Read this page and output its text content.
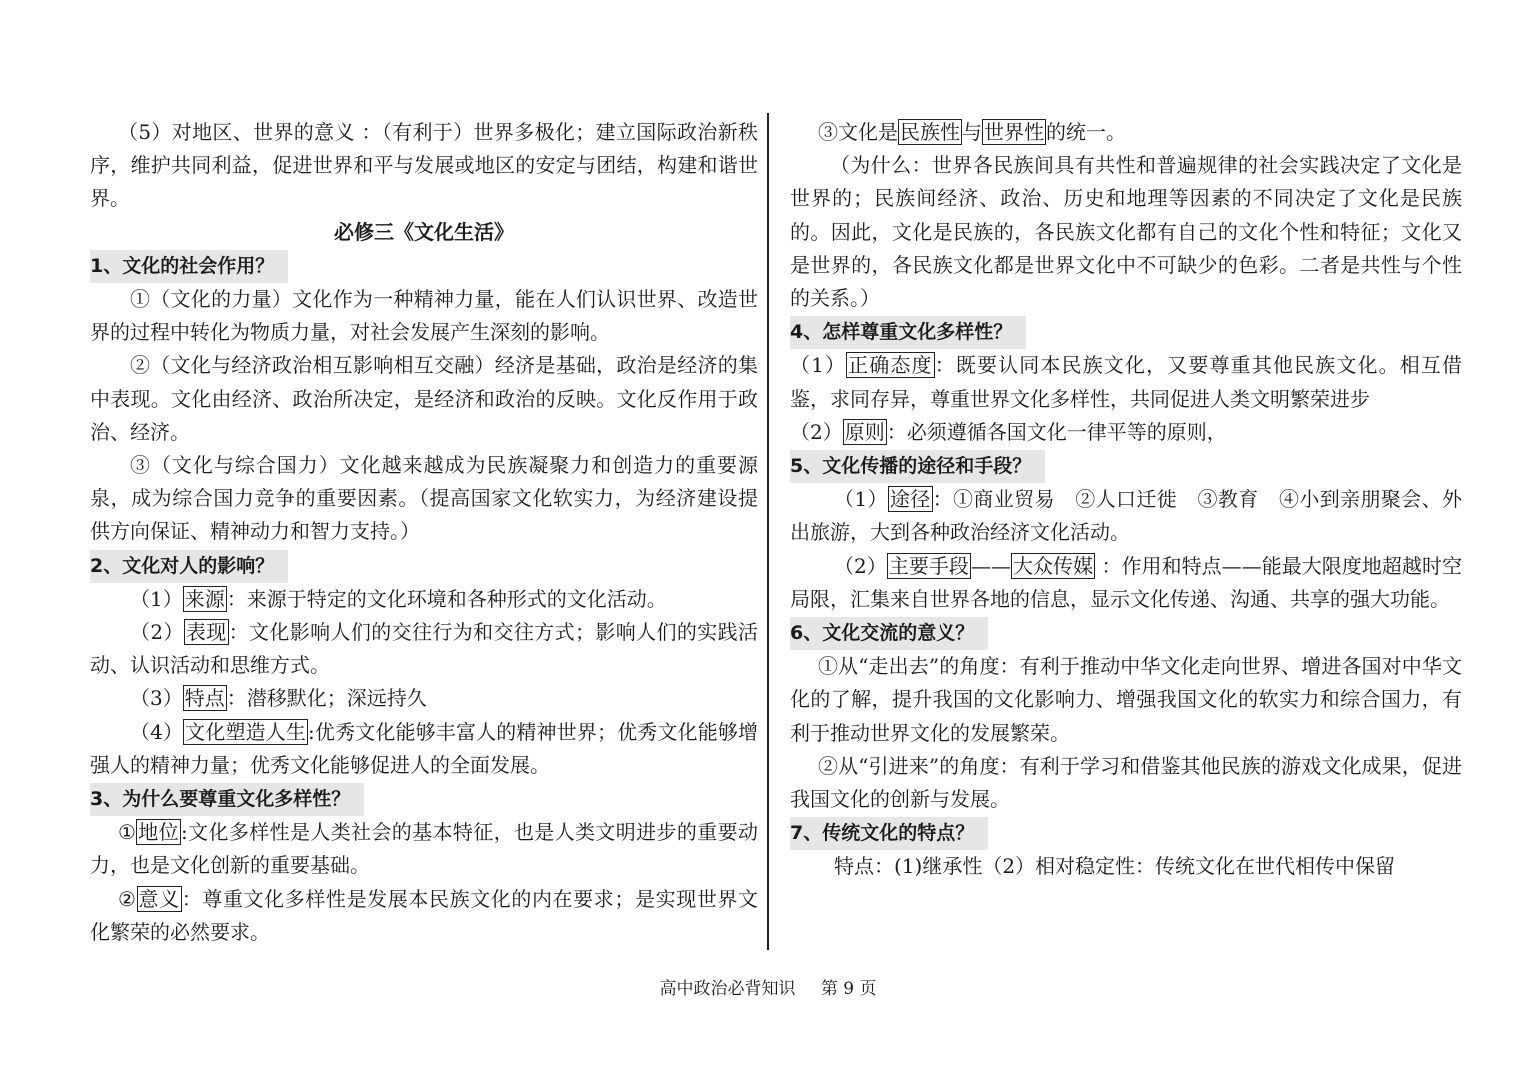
（5）对地区、世界的意义 ：（有利于）世界多极化；建立国际政治新秩序，维护共同利益，促进世界和平与发展或地区的安定与团结，构建和谐世界。

必修三《文化生活》
1、文化的社会作用？

①（文化的力量）文化作为一种精神力量，能在人们认识世界、改造世界的过程中转化为物质力量，对社会发展产生深刻的影响。

②（文化与经济政治相互影响相互交融）经济是基础，政治是经济的集中表现。文化由经济、政治所决定，是经济和政治的反映。文化反作用于政治、经济。

③（文化与综合国力）文化越来越成为民族凝聚力和创造力的重要源泉，成为综合国力竞争的重要因素。（提高国家文化软实力，为经济建设提供方向保证、精神动力和智力支持。）

2、文化对人的影响？

（1） 来源 ：来源于特定的文化环境和各种形式的文化活动。

（2） 表现 ：文化影响人们的交往行为和交往方式；影响人们的实践活动、认识活动和思维方式。

（3） 特点 ：潜移默化；深远持久

（4） 文化塑造人生 :优秀文化能够丰富人的精神世界；优秀文化能够增强人的精神力量；优秀文化能够促进人的全面发展。

3、为什么要尊重文化多样性？

① 地位 :文化多样性是人类社会的基本特征，也是人类文明进步的重要动力，也是文化创新的重要基础。

② 意义 ：尊重文化多样性是发展本民族文化的内在要求；是实现世界文化繁荣的必然要求。

③文化是 民族性 与 世界性 的统一。

（为什么：世界各民族间具有共性和普遍规律的社会实践决定了文化是世界的；民族间经济、政治、历史和地理等因素的不同决定了文化是民族的。因此，文化是民族的，各民族文化都有自己的文化个性和特征；文化又是世界的，各民族文化都是世界文化中不可缺少的色彩。二者是共性与个性的关系。）

4、怎样尊重文化多样性？

（1） 正确态度 ：既要认同本民族文化，又要尊重其他民族文化。相互借鉴，求同存异，尊重世界文化多样性，共同促进人类文明繁荣进步

（2） 原则 ：必须遵循各国文化一律平等的原则，

5、文化传播的途径和手段？

（1） 途径 ：①商业贸易　②人口迁徙　③教育　④小到亲朋聚会、外出旅游，大到各种政治经济文化活动。

（2） 主要手段 —— 大众传媒 ：作用和特点——能最大限度地超越时空局限，汇集来自世界各地的信息，显示文化传递、沟通、共享的强大功能。

6、文化交流的意义？

①从“走出去”的角度：有利于推动中华文化走向世界、增进各国对中华文化的了解，提升我国的文化影响力、增强我国文化的软实力和综合国力，有利于推动世界文化的发展繁荣。

②从“引进来”的角度：有利于学习和借鉴其他民族的游戏文化成果，促进我国文化的创新与发展。

7、传统文化的特点？

特点：(1)继承性（2）相对稳定性：传统文化在世代相传中保留

高中政治必背知识 第 9 页
